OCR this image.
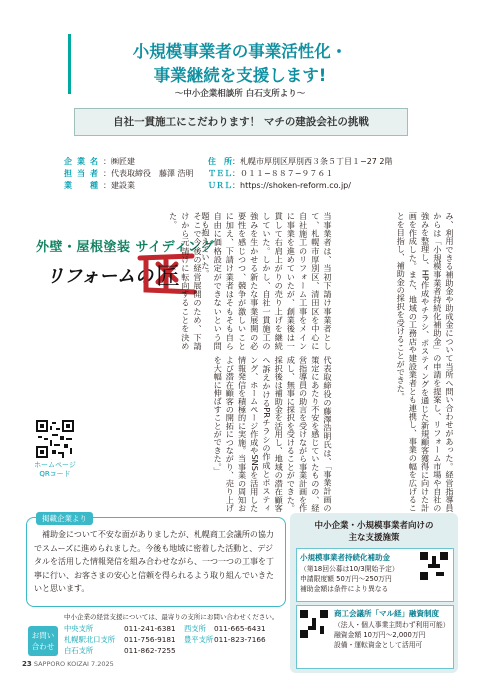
小規模事業者の事業活性化・
事業継続を支援します!
〜中小企業相談所 白石支所より〜
自社一貫施工にこだわります！ マチの建設会社の挑戦
企業名：㈱匠建
担当者：代表取締役　藤澤 浩明
業　種：建設業
住　所：札幌市厚別区厚別西３条５丁目１−27 2階
ＴＥＬ：０１１−８８７−９７６１
ＵＲＬ：https://shoken-reform.co.jp/
外壁・屋根塗装 サイディング
リフォームの 匠
ホームページ
QRコード
当事業者は、当初下請け事業者として、札幌市厚別区、清田区を中心に自社施工のリフォーム工事をメインに事業を進めていたが、創業後は一貫して右肩上がりの売り上げを継続していた。しかし、自社一貫施工の強みを生かせる新たな事業展開の必要性を感じつつ、競争が激しいことに加え、下請け業者はそもそも自ら自由に価格設定ができないという問題も抱えていた。
そこで今後の経営展開のため、下請けから元請けに転向することを決めた。	み、利用できる補助金や助成金について当所へ問い合わせがあった。経営指導員からは「小規模事業者持続化補助金」の申請を提案し、リフォーム市場や自社の強みを整理し、HP作成やチラシ、ポスティングを通じた新規顧客獲得に向けた計画を作成した。また、地域の工務店や建設業者とも連携し、事業の幅を広げることを目指し、補助金の採択を受けることができた。
代表取締役の藤澤浩明氏は、「事業計画の策定にあたり不安を感じていたものの、経営指導員の助言を受けながら事業計画を作成し、無事に採択を受けることができた。採択後は補助金を活用し、地域の潜在顧客へ訴えかけるPRチラシの作成とポスティング、ホームページ作成やSNSを活用した情報発信を積極的に実施。当事業の周知および潜在顧客の開拓につながり、売り上げを大幅に伸ばすことができた。」
掲載企業より
補助金について不安な面がありましたが、札幌商工会議所の協力でスムーズに進められました。今後も地域に密着した活動と、デジタルを活用した情報発信を組み合わせながら、一つ一つの工事を丁寧に行い、お客さまの安心と信頼を得られるよう取り組んでいきたいと思います。
お問い
合わせ
中小企業の経営支援については、最寄りの支所にお問い合わせください。
中央支所	011-241-6381 西支所 011-665-6431
札幌駅北口支所 011-756-9181 豊平支所 011-823-7166
白石支所	011-862-7255
中小企業・小規模事業者向けの
主な支援施策
小規模事業者持続化補助金
（第18回公募は10/3開始予定）
申請限度額 50万円〜250万円
補助金額は条件により異なる
商工会議所「マル経」融資制度
（法人・個人事業主問わず利用可能）
融資金額 10万円〜2,000万円
設備・運転資金として活用可
23 SAPPORO KOIZAI 7.2025
